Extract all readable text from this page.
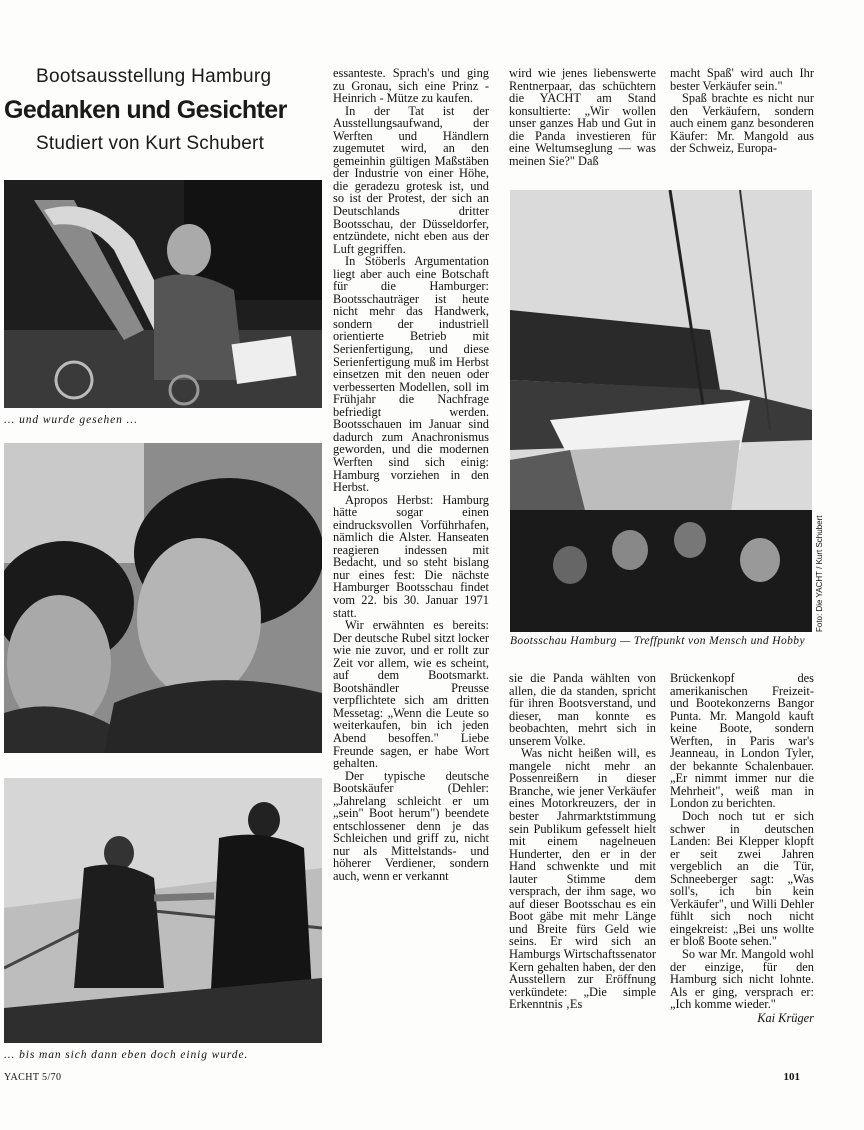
Bootsausstellung Hamburg
Gedanken und Gesichter
Studiert von Kurt Schubert
... und wurde gesehen ...
... bis man sich dann eben doch einig wurde.
Bootsschau Hamburg — Treffpunkt von Mensch und Hobby
Foto: Die YACHT / Kurt Schubert

essanteste. Sprach's und ging zu Gronau, sich eine Prinz - Heinrich - Mütze zu kaufen.

In der Tat ist der Ausstellungsaufwand, der Werften und Händlern zugemutet wird, an den gemeinhin gültigen Maßstäben der Industrie von einer Höhe, die geradezu grotesk ist, und so ist der Protest, der sich an Deutschlands dritter Bootsschau, der Düsseldorfer, entzündete, nicht eben aus der Luft gegriffen.

In Stöberls Argumentation liegt aber auch eine Botschaft für die Hamburger: Bootsschauträger ist heute nicht mehr das Handwerk, sondern der industriell orientierte Betrieb mit Serienfertigung, und diese Serienfertigung muß im Herbst einsetzen mit den neuen oder verbesserten Modellen, soll im Frühjahr die Nachfrage befriedigt werden. Bootsschauen im Januar sind dadurch zum Anachronismus geworden, und die modernen Werften sind sich einig: Hamburg vorziehen in den Herbst.

Apropos Herbst: Hamburg hätte sogar einen eindrucksvollen Vorführhafen, nämlich die Alster. Hanseaten reagieren indessen mit Bedacht, und so steht bislang nur eines fest: Die nächste Hamburger Bootsschau findet vom 22. bis 30. Januar 1971 statt.

Wir erwähnten es bereits: Der deutsche Rubel sitzt locker wie nie zuvor, und er rollt zur Zeit vor allem, wie es scheint, auf dem Bootsmarkt. Bootshändler Preusse verpflichtete sich am dritten Messetag: „Wenn die Leute so weiterkaufen, bin ich jeden Abend besoffen." Liebe Freunde sagen, er habe Wort gehalten.

Der typische deutsche Bootskäufer (Dehler: „Jahrelang schleicht er um „sein" Boot herum") beendete entschlossener denn je das Schleichen und griff zu, nicht nur als Mittelstands- und höherer Verdiener, sondern auch, wenn er verkannt

wird wie jenes liebenswerte Rentnerpaar, das schüchtern die YACHT am Stand konsultierte: „Wir wollen unser ganzes Hab und Gut in die Panda investieren für eine Weltumseglung — was meinen Sie?" Daß

macht Spaß' wird auch Ihr bester Verkäufer sein."

Spaß brachte es nicht nur den Verkäufern, sondern auch einem ganz besonderen Käufer: Mr. Mangold aus der Schweiz, Europa-

sie die Panda wählten von allen, die da standen, spricht für ihren Bootsverstand, und dieser, man konnte es beobachten, mehrt sich in unserem Volke.

Was nicht heißen will, es mangele nicht mehr an Possenreißern in dieser Branche, wie jener Verkäufer eines Motorkreuzers, der in bester Jahrmarktstimmung sein Publikum gefesselt hielt mit einem nagelneuen Hunderter, den er in der Hand schwenkte und mit lauter Stimme dem versprach, der ihm sage, wo auf dieser Bootsschau es ein Boot gäbe mit mehr Länge und Breite fürs Geld wie seins. Er wird sich an Hamburgs Wirtschaftssenator Kern gehalten haben, der den Ausstellern zur Eröffnung verkündete: „Die simple Erkenntnis ‚Es

Brückenkopf des amerikanischen Freizeit- und Bootekonzerns Bangor Punta. Mr. Mangold kauft keine Boote, sondern Werften, in Paris war's Jeanneau, in London Tyler, der bekannte Schalenbauer. „Er nimmt immer nur die Mehrheit", weiß man in London zu berichten.

Doch noch tut er sich schwer in deutschen Landen: Bei Klepper klopft er seit zwei Jahren vergeblich an die Tür, Schneeberger sagt: „Was soll's, ich bin kein Verkäufer", und Willi Dehler fühlt sich noch nicht eingekreist: „Bei uns wollte er bloß Boote sehen."

So war Mr. Mangold wohl der einzige, für den Hamburg sich nicht lohnte. Als er ging, versprach er: „Ich komme wieder."

Kai Krüger

YACHT 5/70	101
